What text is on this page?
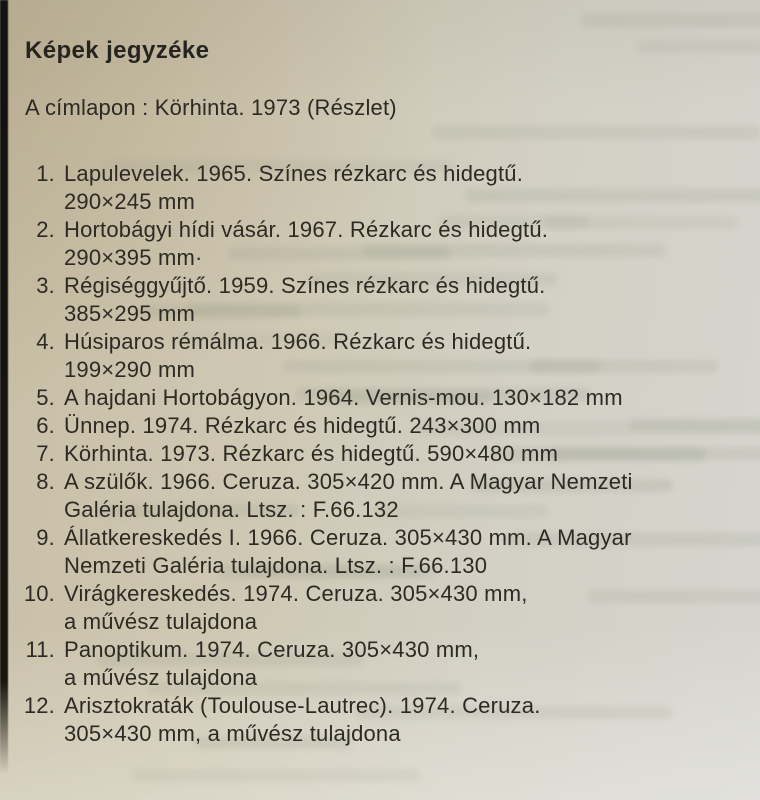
Képek jegyzéke

A címlapon : Körhinta. 1973 (Részlet)

1. Lapulevelek. 1965. Színes rézkarc és hidegtű.
290×245 mm
2. Hortobágyi hídi vásár. 1967. Rézkarc és hidegtű.
290×395 mm·
3. Régiséggyűjtő. 1959. Színes rézkarc és hidegtű.
385×295 mm
4. Húsiparos rémálma. 1966. Rézkarc és hidegtű.
199×290 mm
5. A hajdani Hortobágyon. 1964. Vernis-mou. 130×182 mm
6. Ünnep. 1974. Rézkarc és hidegtű. 243×300 mm
7. Körhinta. 1973. Rézkarc és hidegtű. 590×480 mm
8. A szülők. 1966. Ceruza. 305×420 mm. A Magyar Nemzeti
Galéria tulajdona. Ltsz. : F.66.132
9. Állatkereskedés I. 1966. Ceruza. 305×430 mm. A Magyar
Nemzeti Galéria tulajdona. Ltsz. : F.66.130
10. Virágkereskedés. 1974. Ceruza. 305×430 mm,
a művész tulajdona
11. Panoptikum. 1974. Ceruza. 305×430 mm,
a művész tulajdona
12. Arisztokraták (Toulouse-Lautrec). 1974. Ceruza.
305×430 mm, a művész tulajdona
